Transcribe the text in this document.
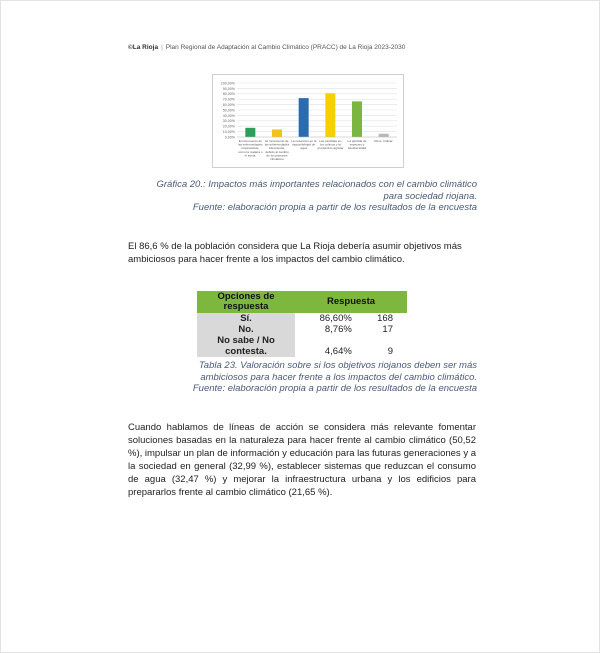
©La Rioja | Plan Regional de Adaptación al Cambio Climático (PRACC) de La Rioja 2023-2030
0,00%
10,00%
20,00%
30,00%
40,00%
50,00%
60,00%
70,00%
80,00%
90,00%
100,00%
El incremento de las enfermedades respiratorias, como la malaria o el asma.
El incremento de las enfermedades infecciosas, debido al cambio de los patrones climáticos
La reducción en la disponibilidad de agua
Las pérdidas en los cultivos y la producción agraria
La pérdida de especies y biodiversidad
Otros. Indicar:
Gráfica 20.: Impactos más importantes relacionados con el cambio climático
para sociedad riojana.
Fuente: elaboración propia a partir de los resultados de la encuesta
El 86,6 % de la población considera que La Rioja debería asumir objetivos más ambiciosos para hacer frente a los impactos del cambio climático.
Opciones de respuesta	Respuesta	
Sí.	86,60%	168
No.	8,76%	17
No sabe / No contesta.	4,64%	9
Tabla 23. Valoración sobre si los objetivos riojanos deben ser más
ambiciosos para hacer frente a los impactos del cambio climático.
Fuente: elaboración propia a partir de los resultados de la encuesta
Cuando hablamos de líneas de acción se considera más relevante fomentar soluciones basadas en la naturaleza para hacer frente al cambio climático (50,52 %), impulsar un plan de información y educación para las futuras generaciones y a la sociedad en general (32,99 %), establecer sistemas que reduzcan el consumo de agua (32,47 %) y mejorar la infraestructura urbana y los edificios para prepararlos frente al cambio climático (21,65 %).
